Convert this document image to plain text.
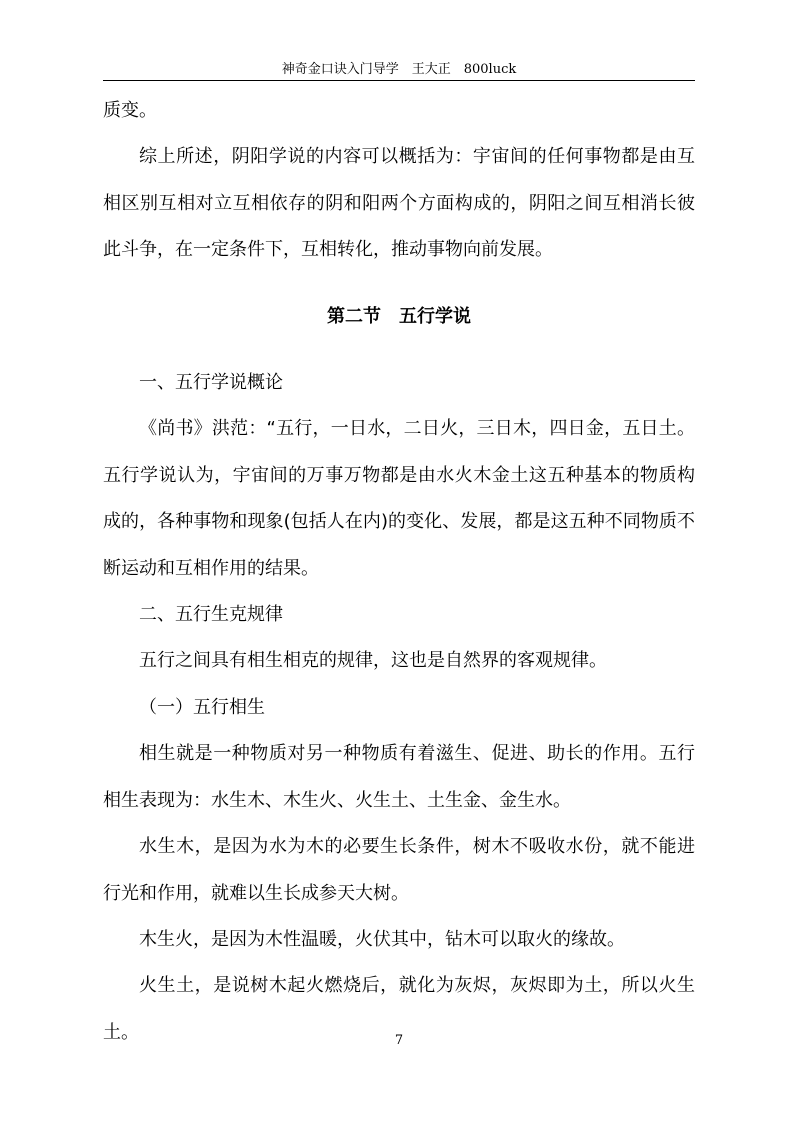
神奇金口诀入门导学　王大正　800luck

质变。

综上所述，阴阳学说的内容可以概括为：宇宙间的任何事物都是由互相区别互相对立互相依存的阴和阳两个方面构成的，阴阳之间互相消长彼此斗争，在一定条件下，互相转化，推动事物向前发展。

第二节　五行学说

一、五行学说概论

《尚书》洪范：“五行，一日水，二日火，三日木，四日金，五日土。五行学说认为，宇宙间的万事万物都是由水火木金土这五种基本的物质构成的，各种事物和现象(包括人在内)的变化、发展，都是这五种不同物质不断运动和互相作用的结果。

二、五行生克规律

五行之间具有相生相克的规律，这也是自然界的客观规律。

（一）五行相生

相生就是一种物质对另一种物质有着滋生、促进、助长的作用。五行相生表现为：水生木、木生火、火生土、土生金、金生水。

水生木，是因为水为木的必要生长条件，树木不吸收水份，就不能进行光和作用，就难以生长成参天大树。

木生火，是因为木性温暖，火伏其中，钻木可以取火的缘故。

火生土，是说树木起火燃烧后，就化为灰烬，灰烬即为土，所以火生土。	7
